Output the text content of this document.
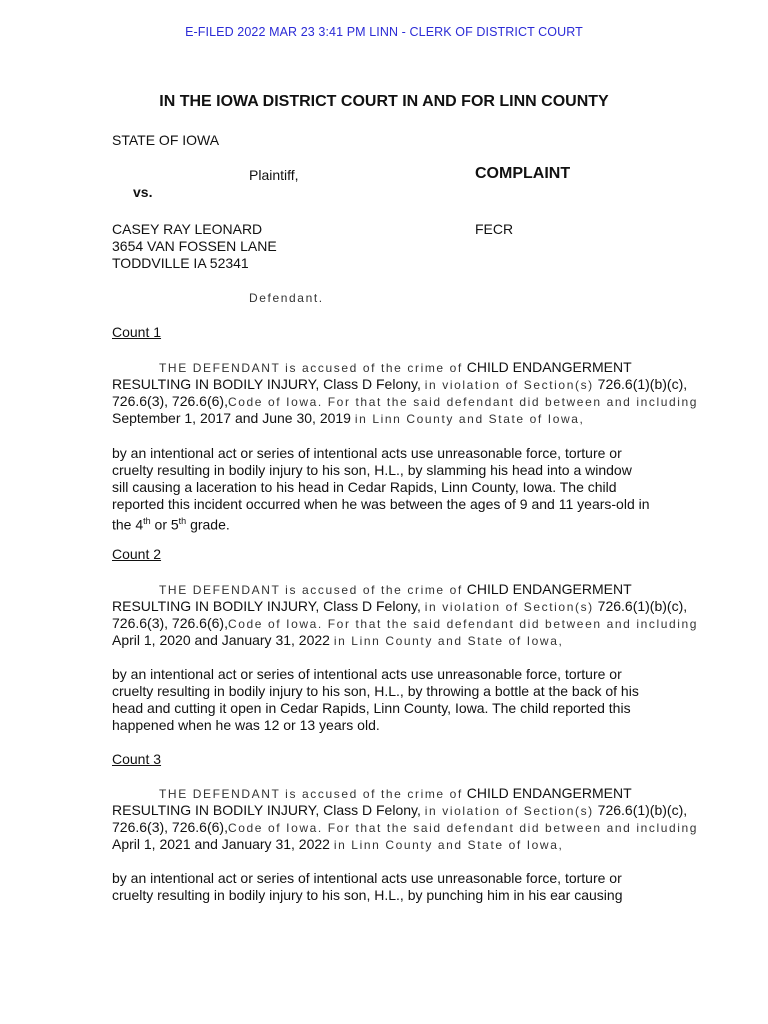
E-FILED 2022 MAR 23 3:41 PM LINN - CLERK OF DISTRICT COURT
IN THE IOWA DISTRICT COURT IN AND FOR LINN COUNTY
STATE OF IOWA
Plaintiff,	COMPLAINT
vs.
CASEY RAY LEONARD	FECR
3654 VAN FOSSEN LANE
TODDVILLE IA 52341
Defendant.
Count 1
THE DEFENDANT is accused of the crime of CHILD ENDANGERMENT
RESULTING IN BODILY INJURY, Class D Felony, in violation of Section(s) 726.6(1)(b)(c),
726.6(3), 726.6(6),Code of Iowa. For that the said defendant did between and including
September 1, 2017 and June 30, 2019 in Linn County and State of Iowa,
by an intentional act or series of intentional acts use unreasonable force, torture or
cruelty resulting in bodily injury to his son, H.L., by slamming his head into a window
sill causing a laceration to his head in Cedar Rapids, Linn County, Iowa. The child
reported this incident occurred when he was between the ages of 9 and 11 years-old in
the 4th or 5th grade.
Count 2
THE DEFENDANT is accused of the crime of CHILD ENDANGERMENT
RESULTING IN BODILY INJURY, Class D Felony, in violation of Section(s) 726.6(1)(b)(c),
726.6(3), 726.6(6),Code of Iowa. For that the said defendant did between and including
April 1, 2020 and January 31, 2022 in Linn County and State of Iowa,
by an intentional act or series of intentional acts use unreasonable force, torture or
cruelty resulting in bodily injury to his son, H.L., by throwing a bottle at the back of his
head and cutting it open in Cedar Rapids, Linn County, Iowa. The child reported this
happened when he was 12 or 13 years old.
Count 3
THE DEFENDANT is accused of the crime of CHILD ENDANGERMENT
RESULTING IN BODILY INJURY, Class D Felony, in violation of Section(s) 726.6(1)(b)(c),
726.6(3), 726.6(6),Code of Iowa. For that the said defendant did between and including
April 1, 2021 and January 31, 2022 in Linn County and State of Iowa,
by an intentional act or series of intentional acts use unreasonable force, torture or
cruelty resulting in bodily injury to his son, H.L., by punching him in his ear causing
